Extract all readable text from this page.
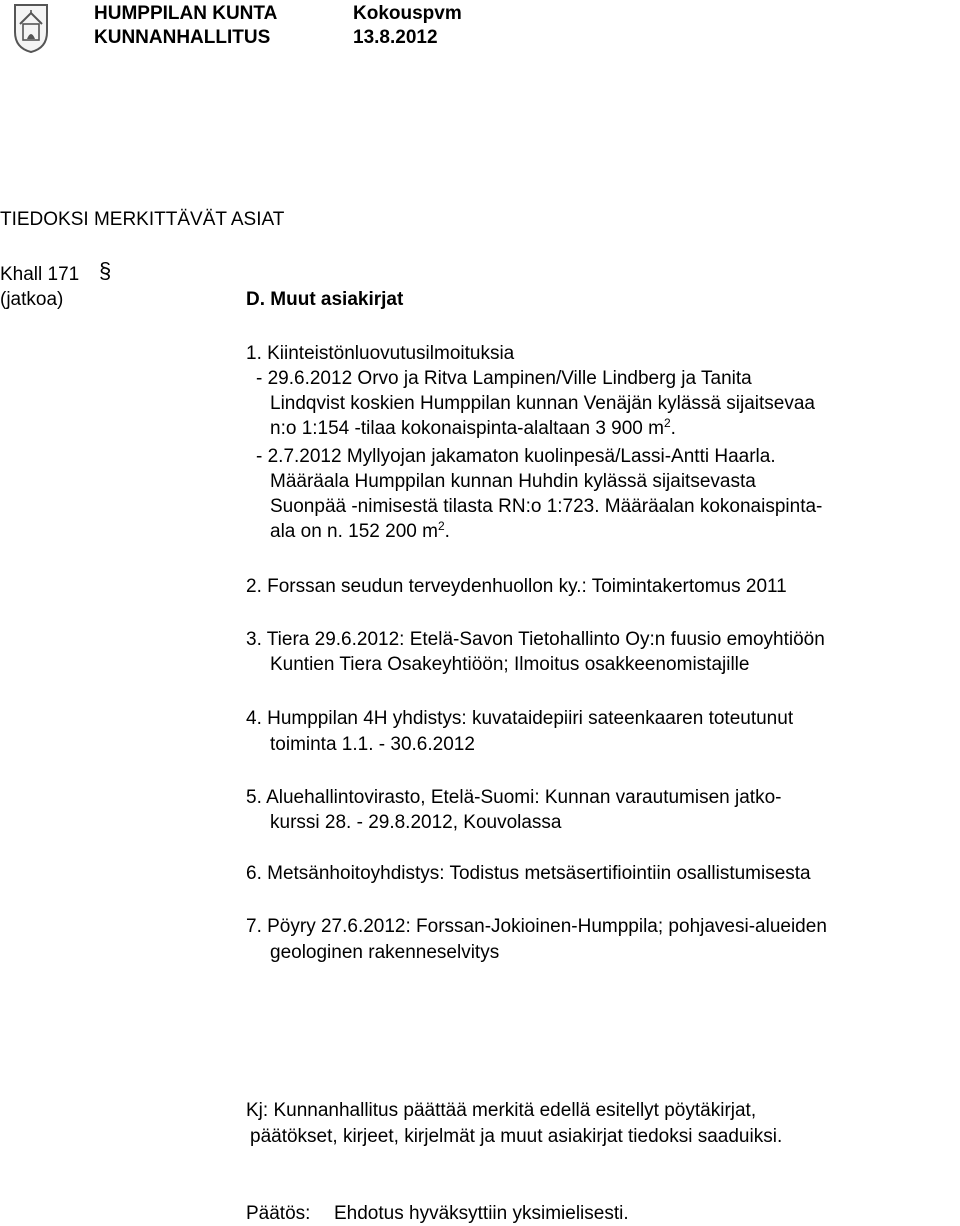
HUMPPILAN KUNTA
KUNNANHALLITUS
Kokouspvm
13.8.2012
TIEDOKSI MERKITTÄVÄT ASIAT
Khall 171
(jatkoa)
§
D. Muut asiakirjat
1. Kiinteistönluovutusilmoituksia
- 29.6.2012 Orvo ja Ritva Lampinen/Ville Lindberg ja Tanita
Lindqvist koskien Humppilan kunnan Venäjän kylässä sijaitsevaa
n:o 1:154 -tilaa kokonaispinta-alaltaan 3 900 $m^2$.
- 2.7.2012 Myllyojan jakamaton kuolinpesä/Lassi-Antti Haarla.
Määräala Humppilan kunnan Huhdin kylässä sijaitsevasta
Suonpää -nimisestä tilasta RN:o 1:723. Määräalan kokonaispinta-
ala on n. 152 200 $m^2$.
2. Forssan seudun terveydenhuollon ky.: Toimintakertomus 2011
3. Tiera 29.6.2012: Etelä-Savon Tietohallinto Oy:n fuusio emoyhtiöön
Kuntien Tiera Osakeyhtiöön; Ilmoitus osakkeenomistajille
4. Humppilan 4H yhdistys: kuvataidepiiri sateenkaaren toteutunut
toiminta 1.1. - 30.6.2012
5. Aluehallintovirasto, Etelä-Suomi: Kunnan varautumisen jatko-
kurssi 28. - 29.8.2012, Kouvolassa
6. Metsänhoitoyhdistys: Todistus metsäsertifiointiin osallistumisesta
7. Pöyry 27.6.2012: Forssan-Jokioinen-Humppila; pohjavesi-alueiden
geologinen rakenneselvitys
Kj: Kunnanhallitus päättää merkitä edellä esitellyt pöytäkirjat,
päätökset, kirjeet, kirjelmät ja muut asiakirjat tiedoksi saaduiksi.
Päätös: Ehdotus hyväksyttiin yksimielisesti.
